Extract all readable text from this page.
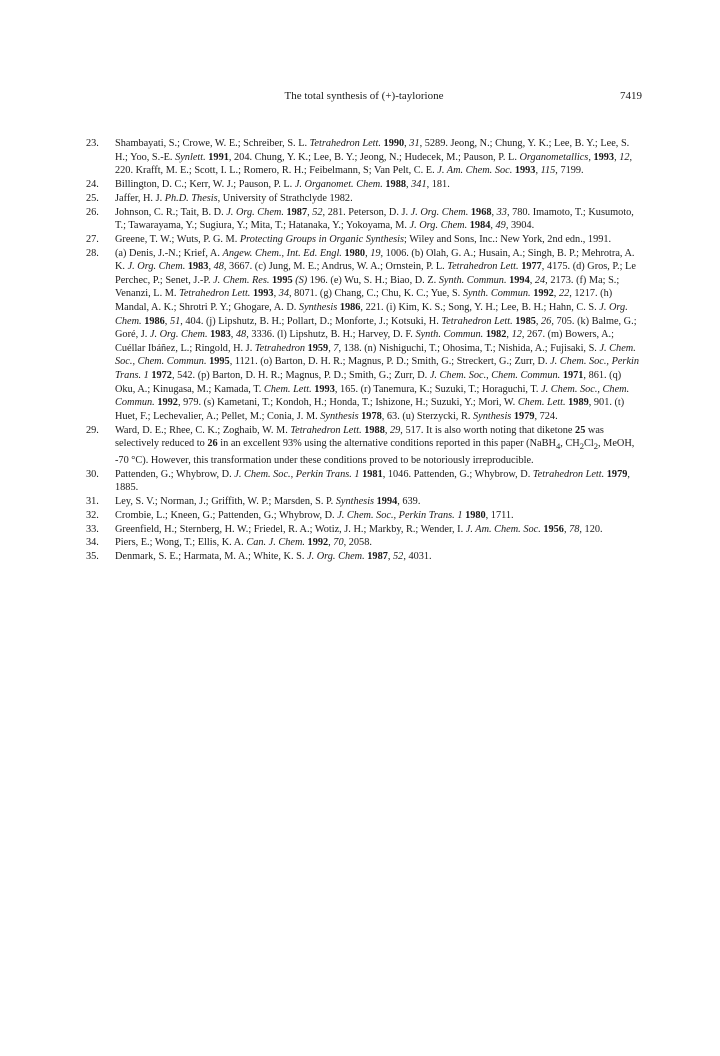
The total synthesis of (+)-taylorione	7419
23.	Shambayati, S.; Crowe, W. E.; Schreiber, S. L. Tetrahedron Lett. 1990, 31, 5289. Jeong, N.; Chung, Y. K.; Lee, B. Y.; Lee, S. H.; Yoo, S.-E. Synlett. 1991, 204. Chung, Y. K.; Lee, B. Y.; Jeong, N.; Hudecek, M.; Pauson, P. L. Organometallics, 1993, 12, 220. Krafft, M. E.; Scott, I. L.; Romero, R. H.; Feibelmann, S; Van Pelt, C. E. J. Am. Chem. Soc. 1993, 115, 7199.
24.	Billington, D. C.; Kerr, W. J.; Pauson, P. L. J. Organomet. Chem. 1988, 341, 181.
25.	Jaffer, H. J. Ph.D. Thesis, University of Strathclyde 1982.
26.	Johnson, C. R.; Tait, B. D. J. Org. Chem. 1987, 52, 281. Peterson, D. J. J. Org. Chem. 1968, 33, 780. Imamoto, T.; Kusumoto, T.; Tawarayama, Y.; Sugiura, Y.; Mita, T.; Hatanaka, Y.; Yokoyama, M. J. Org. Chem. 1984, 49, 3904.
27.	Greene, T. W.; Wuts, P. G. M. Protecting Groups in Organic Synthesis; Wiley and Sons, Inc.: New York, 2nd edn., 1991.
28.	(a) Denis, J.-N.; Krief, A. Angew. Chem., Int. Ed. Engl. 1980, 19, 1006. (b) Olah, G. A.; Husain, A.; Singh, B. P.; Mehrotra, A. K. J. Org. Chem. 1983, 48, 3667. (c) Jung, M. E.; Andrus, W. A.; Ornstein, P. L. Tetrahedron Lett. 1977, 4175. (d) Gros, P.; Le Perchec, P.; Senet, J.-P. J. Chem. Res. 1995 (S) 196. (e) Wu, S. H.; Biao, D. Z. Synth. Commun. 1994, 24, 2173. (f) Ma; S.; Venanzi, L. M. Tetrahedron Lett. 1993, 34, 8071. (g) Chang, C.; Chu, K. C.; Yue, S. Synth. Commun. 1992, 22, 1217. (h) Mandal, A. K.; Shrotri P. Y.; Ghogare, A. D. Synthesis 1986, 221. (i) Kim, K. S.; Song, Y. H.; Lee, B. H.; Hahn, C. S. J. Org. Chem. 1986, 51, 404. (j) Lipshutz, B. H.; Pollart, D.; Monforte, J.; Kotsuki, H. Tetrahedron Lett. 1985, 26, 705. (k) Balme, G.; Goré, J. J. Org. Chem. 1983, 48, 3336. (l) Lipshutz, B. H.; Harvey, D. F. Synth. Commun. 1982, 12, 267. (m) Bowers, A.; Cuéllar Ibáñez, L.; Ringold, H. J. Tetrahedron 1959, 7, 138. (n) Nishiguchi, T.; Ohosima, T.; Nishida, A.; Fujisaki, S. J. Chem. Soc., Chem. Commun. 1995, 1121. (o) Barton, D. H. R.; Magnus, P. D.; Smith, G.; Streckert, G.; Zurr, D. J. Chem. Soc., Perkin Trans. 1 1972, 542. (p) Barton, D. H. R.; Magnus, P. D.; Smith, G.; Zurr, D. J. Chem. Soc., Chem. Commun. 1971, 861. (q) Oku, A.; Kinugasa, M.; Kamada, T. Chem. Lett. 1993, 165. (r) Tanemura, K.; Suzuki, T.; Horaguchi, T. J. Chem. Soc., Chem. Commun. 1992, 979. (s) Kametani, T.; Kondoh, H.; Honda, T.; Ishizone, H.; Suzuki, Y.; Mori, W. Chem. Lett. 1989, 901. (t) Huet, F.; Lechevalier, A.; Pellet, M.; Conia, J. M. Synthesis 1978, 63. (u) Sterzycki, R. Synthesis 1979, 724.
29.	Ward, D. E.; Rhee, C. K.; Zoghaib, W. M. Tetrahedron Lett. 1988, 29, 517. It is also worth noting that diketone 25 was selectively reduced to 26 in an excellent 93% using the alternative conditions reported in this paper (NaBH$_4$, $CH_2Cl_2$, MeOH, -70 °C). However, this transformation under these conditions proved to be notoriously irreproducible.
30.	Pattenden, G.; Whybrow, D. J. Chem. Soc., Perkin Trans. 1 1981, 1046. Pattenden, G.; Whybrow, D. Tetrahedron Lett. 1979, 1885.
31.	Ley, S. V.; Norman, J.; Griffith, W. P.; Marsden, S. P. Synthesis 1994, 639.
32.	Crombie, L.; Kneen, G.; Pattenden, G.; Whybrow, D. J. Chem. Soc., Perkin Trans. 1 1980, 1711.
33.	Greenfield, H.; Sternberg, H. W.; Friedel, R. A.; Wotiz, J. H.; Markby, R.; Wender, I. J. Am. Chem. Soc. 1956, 78, 120.
34.	Piers, E.; Wong, T.; Ellis, K. A. Can. J. Chem. 1992, 70, 2058.
35.	Denmark, S. E.; Harmata, M. A.; White, K. S. J. Org. Chem. 1987, 52, 4031.
